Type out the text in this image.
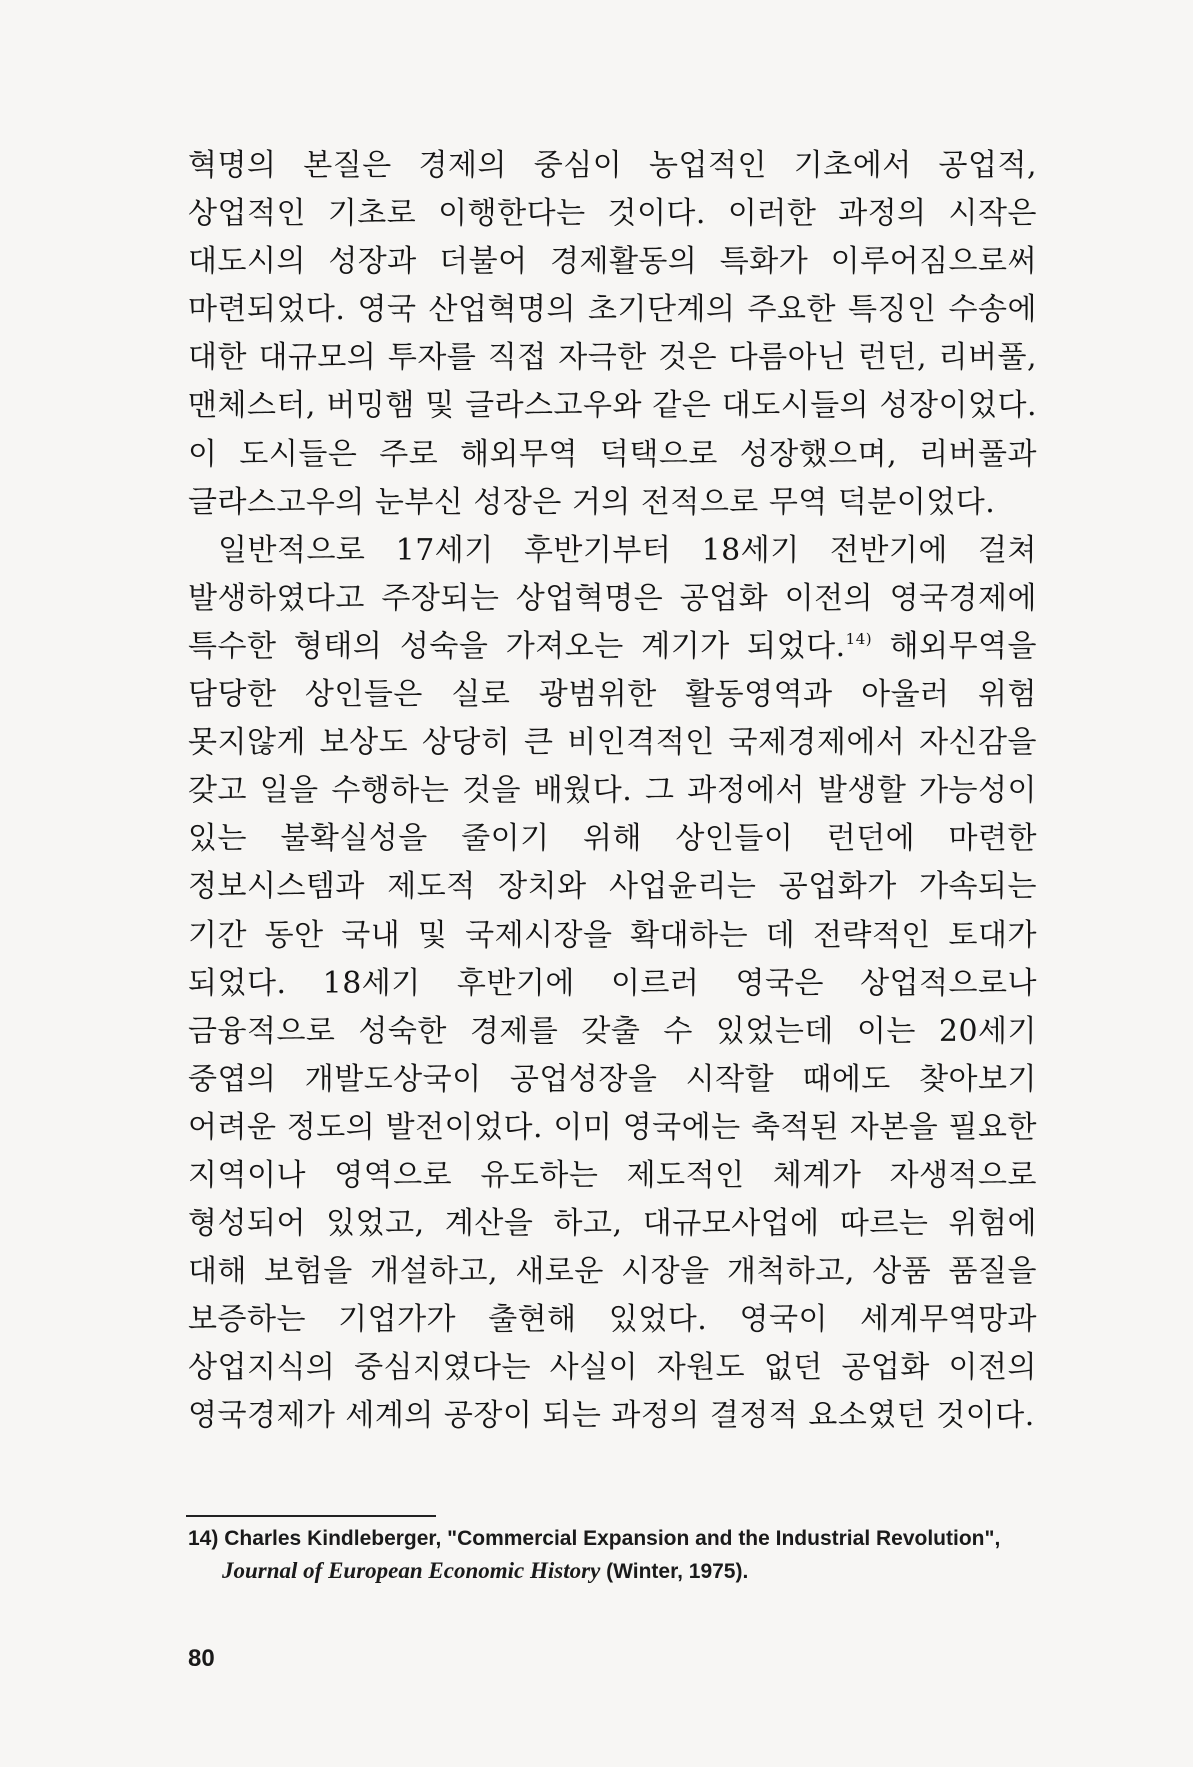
혁명의 본질은 경제의 중심이 농업적인 기초에서 공업적, 상업적인 기초로 이행한다는 것이다. 이러한 과정의 시작은 대도시의 성장과 더불어 경제활동의 특화가 이루어짐으로써 마련되었다. 영국 산업혁명의 초기단계의 주요한 특징인 수송에 대한 대규모의 투자를 직접 자극한 것은 다름아닌 런던, 리버풀, 맨체스터, 버밍햄 및 글라스고우와 같은 대도시들의 성장이었다. 이 도시들은 주로 해외무역 덕택으로 성장했으며, 리버풀과 글라스고우의 눈부신 성장은 거의 전적으로 무역 덕분이었다.

일반적으로 17세기 후반기부터 18세기 전반기에 걸쳐 발생하였다고 주장되는 상업혁명은 공업화 이전의 영국경제에 특수한 형태의 성숙을 가져오는 계기가 되었다.$^{14)}$ 해외무역을 담당한 상인들은 실로 광범위한 활동영역과 아울러 위험 못지않게 보상도 상당히 큰 비인격적인 국제경제에서 자신감을 갖고 일을 수행하는 것을 배웠다. 그 과정에서 발생할 가능성이 있는 불확실성을 줄이기 위해 상인들이 런던에 마련한 정보시스템과 제도적 장치와 사업윤리는 공업화가 가속되는 기간 동안 국내 및 국제시장을 확대하는 데 전략적인 토대가 되었다. 18세기 후반기에 이르러 영국은 상업적으로나 금융적으로 성숙한 경제를 갖출 수 있었는데 이는 20세기 중엽의 개발도상국이 공업성장을 시작할 때에도 찾아보기 어려운 정도의 발전이었다. 이미 영국에는 축적된 자본을 필요한 지역이나 영역으로 유도하는 제도적인 체계가 자생적으로 형성되어 있었고, 계산을 하고, 대규모사업에 따르는 위험에 대해 보험을 개설하고, 새로운 시장을 개척하고, 상품 품질을 보증하는 기업가가 출현해 있었다. 영국이 세계무역망과 상업지식의 중심지였다는 사실이 자원도 없던 공업화 이전의 영국경제가 세계의 공장이 되는 과정의 결정적 요소였던 것이다.

14) Charles Kindleberger, "Commercial Expansion and the Industrial Revolution",
Journal of European Economic History (Winter, 1975).
80
